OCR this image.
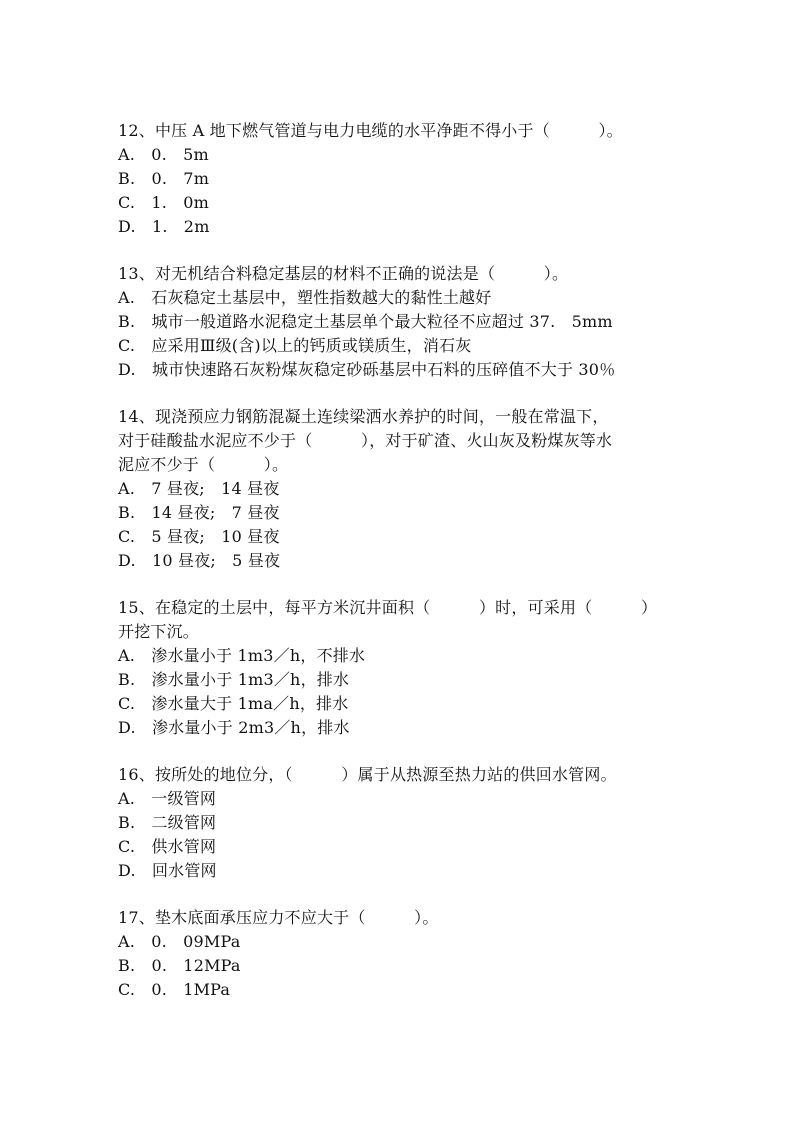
12、中压 A 地下燃气管道与电力电缆的水平净距不得小于（　　　）。
A.　0.　5m
B.　0.　7m
C.　1.　0m
D.　1.　2m
13、对无机结合料稳定基层的材料不正确的说法是（　　　）。
A.　石灰稳定土基层中，塑性指数越大的黏性土越好
B.　城市一般道路水泥稳定土基层单个最大粒径不应超过 37.　5mm
C.　应采用Ⅲ级(含)以上的钙质或镁质生，消石灰
D.　城市快速路石灰粉煤灰稳定砂砾基层中石料的压碎值不大于 30％
14、现浇预应力钢筋混凝土连续梁洒水养护的时间，一般在常温下，
对于硅酸盐水泥应不少于（　　　），对于矿渣、火山灰及粉煤灰等水
泥应不少于（　　　）。
A.　7 昼夜;　14 昼夜
B.　14 昼夜;　7 昼夜
C.　5 昼夜;　10 昼夜
D.　10 昼夜;　5 昼夜
15、在稳定的土层中，每平方米沉井面积（　　　）时，可采用（　　　）
开挖下沉。
A.　渗水量小于 1m3／h，不排水
B.　渗水量小于 1m3／h，排水
C.　渗水量大于 1ma／h，排水
D.　渗水量小于 2m3／h，排水
16、按所处的地位分，（　　　）属于从热源至热力站的供回水管网。
A.　一级管网
B.　二级管网
C.　供水管网
D.　回水管网
17、垫木底面承压应力不应大于（　　　）。
A.　0.　09MPa
B.　0.　12MPa
C.　0.　1MPa
